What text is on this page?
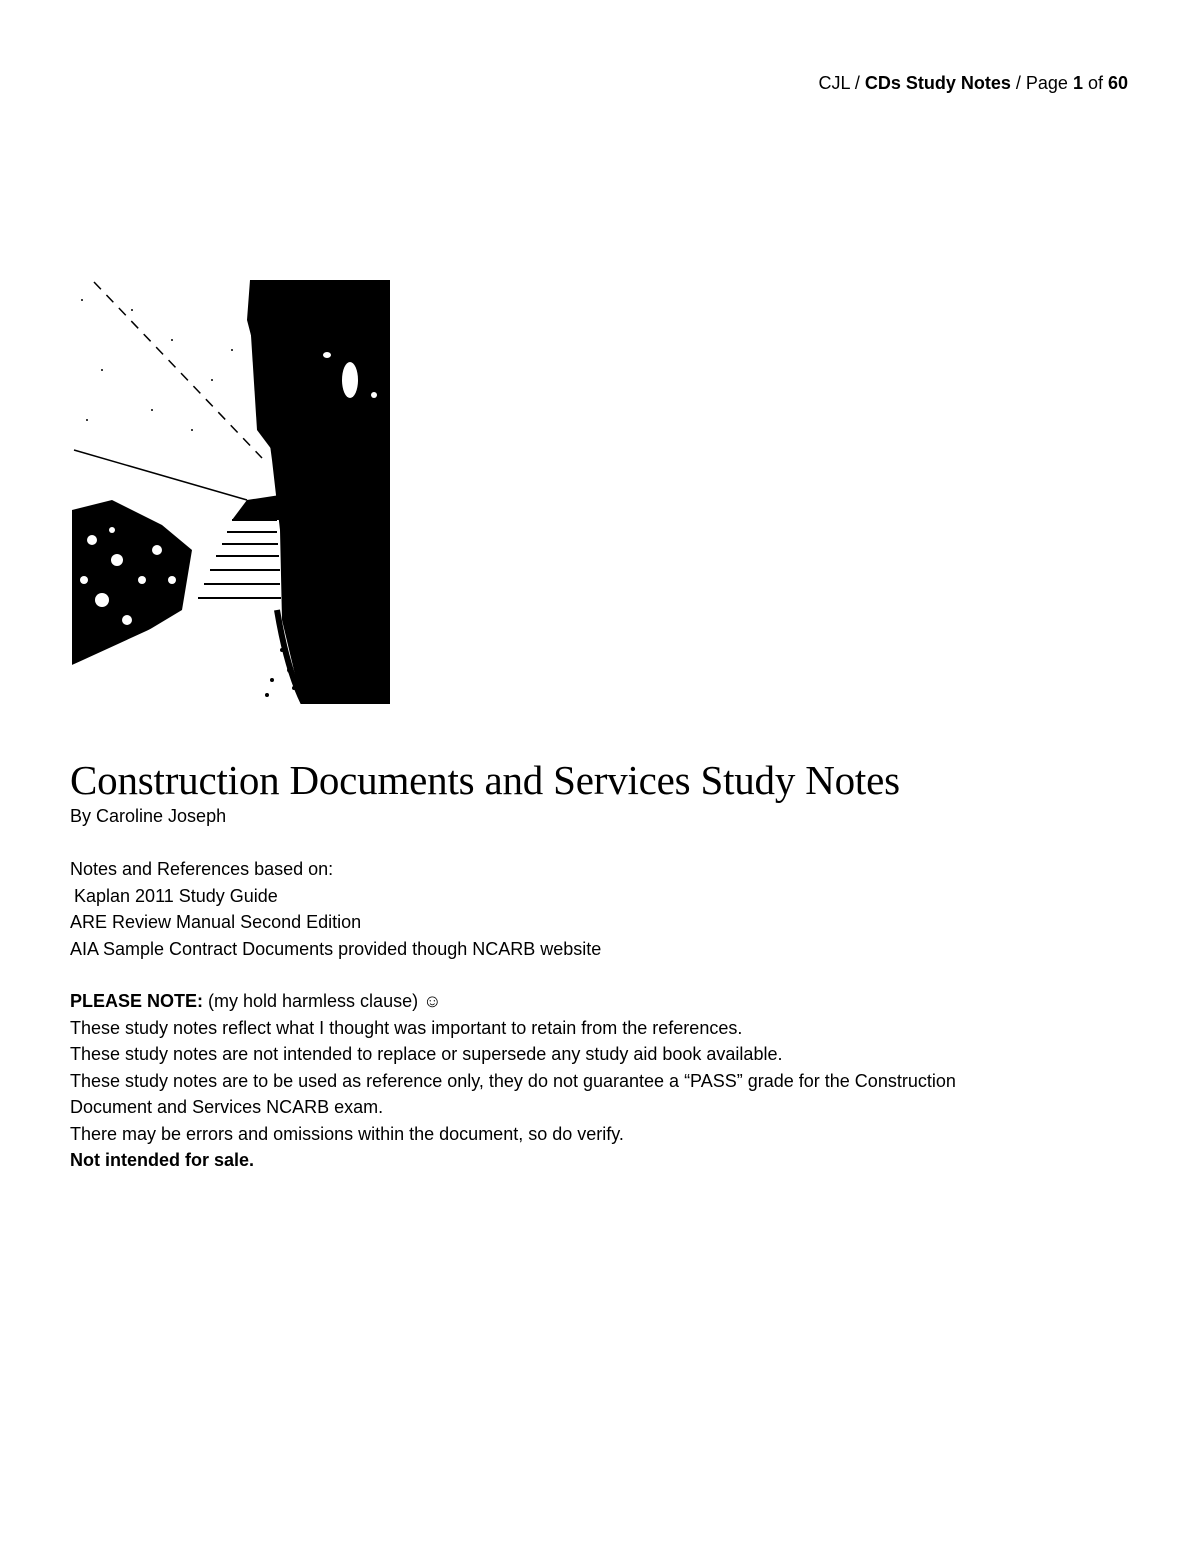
CJL / CDs Study Notes / Page 1 of 60
Construction Documents and Services Study Notes
By Caroline Joseph
Notes and References based on:
Kaplan 2011 Study Guide
ARE Review Manual Second Edition
AIA Sample Contract Documents provided though NCARB website
PLEASE NOTE: (my hold harmless clause) ☺
These study notes reflect what I thought was important to retain from the references.
These study notes are not intended to replace or supersede any study aid book available.
These study notes are to be used as reference only, they do not guarantee a “PASS” grade for the Construction
Document and Services NCARB exam.
There may be errors and omissions within the document, so do verify.
Not intended for sale.
